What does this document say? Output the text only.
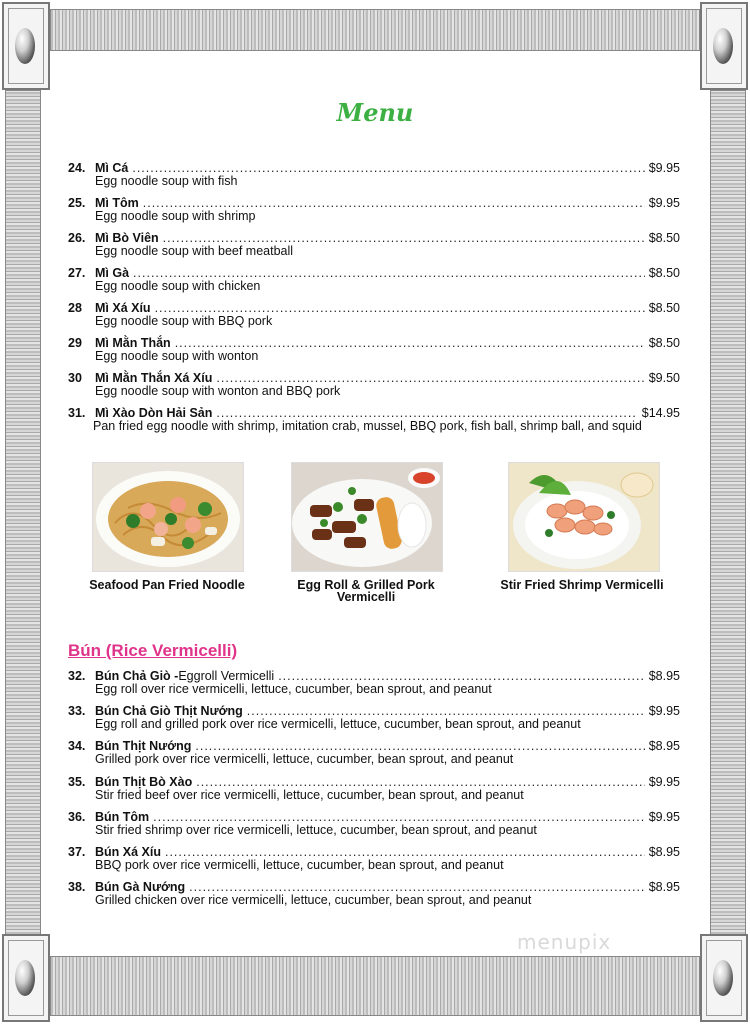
Menu
24. Mì Cá .....	$9.95
Egg noodle soup with fish
25. Mì Tôm .....	$9.95
Egg noodle soup with shrimp
26. Mì Bò Viên .....	$8.50
Egg noodle soup with beef meatball
27. Mì Gà .....	$8.50
Egg noodle soup with chicken
28	Mì Xá Xíu .....	$8.50
Egg noodle soup with BBQ pork
29	Mì Mằn Thắn .....	$8.50
Egg noodle soup with wonton
30	Mì Mằn Thắn Xá Xíu .....	$9.50
Egg noodle soup with wonton and BBQ pork
31. Mì Xào Dòn Hải Sản .....	$14.95
Pan fried egg noodle with shrimp, imitation crab, mussel, BBQ pork, fish ball, shrimp ball, and squid
Seafood Pan Fried Noodle	Egg Roll & Grilled Pork Vermicelli
Stir Fried Shrimp Vermicelli
Bún (Rice Vermicelli)
32. Bún Chả Giò - Eggroll Vermicelli .....	$8.95
Egg roll over rice vermicelli, lettuce, cucumber, bean sprout, and peanut
33. Bún Chả Giò Thịt Nướng .....	$9.95
Egg roll and grilled pork over rice vermicelli, lettuce, cucumber, bean sprout, and peanut
34. Bún Thịt Nướng .....	$8.95
Grilled pork over rice vermicelli, lettuce, cucumber, bean sprout, and peanut
35. Bún Thịt Bò Xào .....	$9.95
Stir fried beef over rice vermicelli, lettuce, cucumber, bean sprout, and peanut
36. Bún Tôm .....	$9.95
Stir fried shrimp over rice vermicelli, lettuce, cucumber, bean sprout, and peanut
37. Bún Xá Xíu .....	$8.95
BBQ pork over rice vermicelli, lettuce, cucumber, bean sprout, and peanut
38. Bún Gà Nướng .....	$8.95
Grilled chicken over rice vermicelli, lettuce, cucumber, bean sprout, and peanut
menupix
